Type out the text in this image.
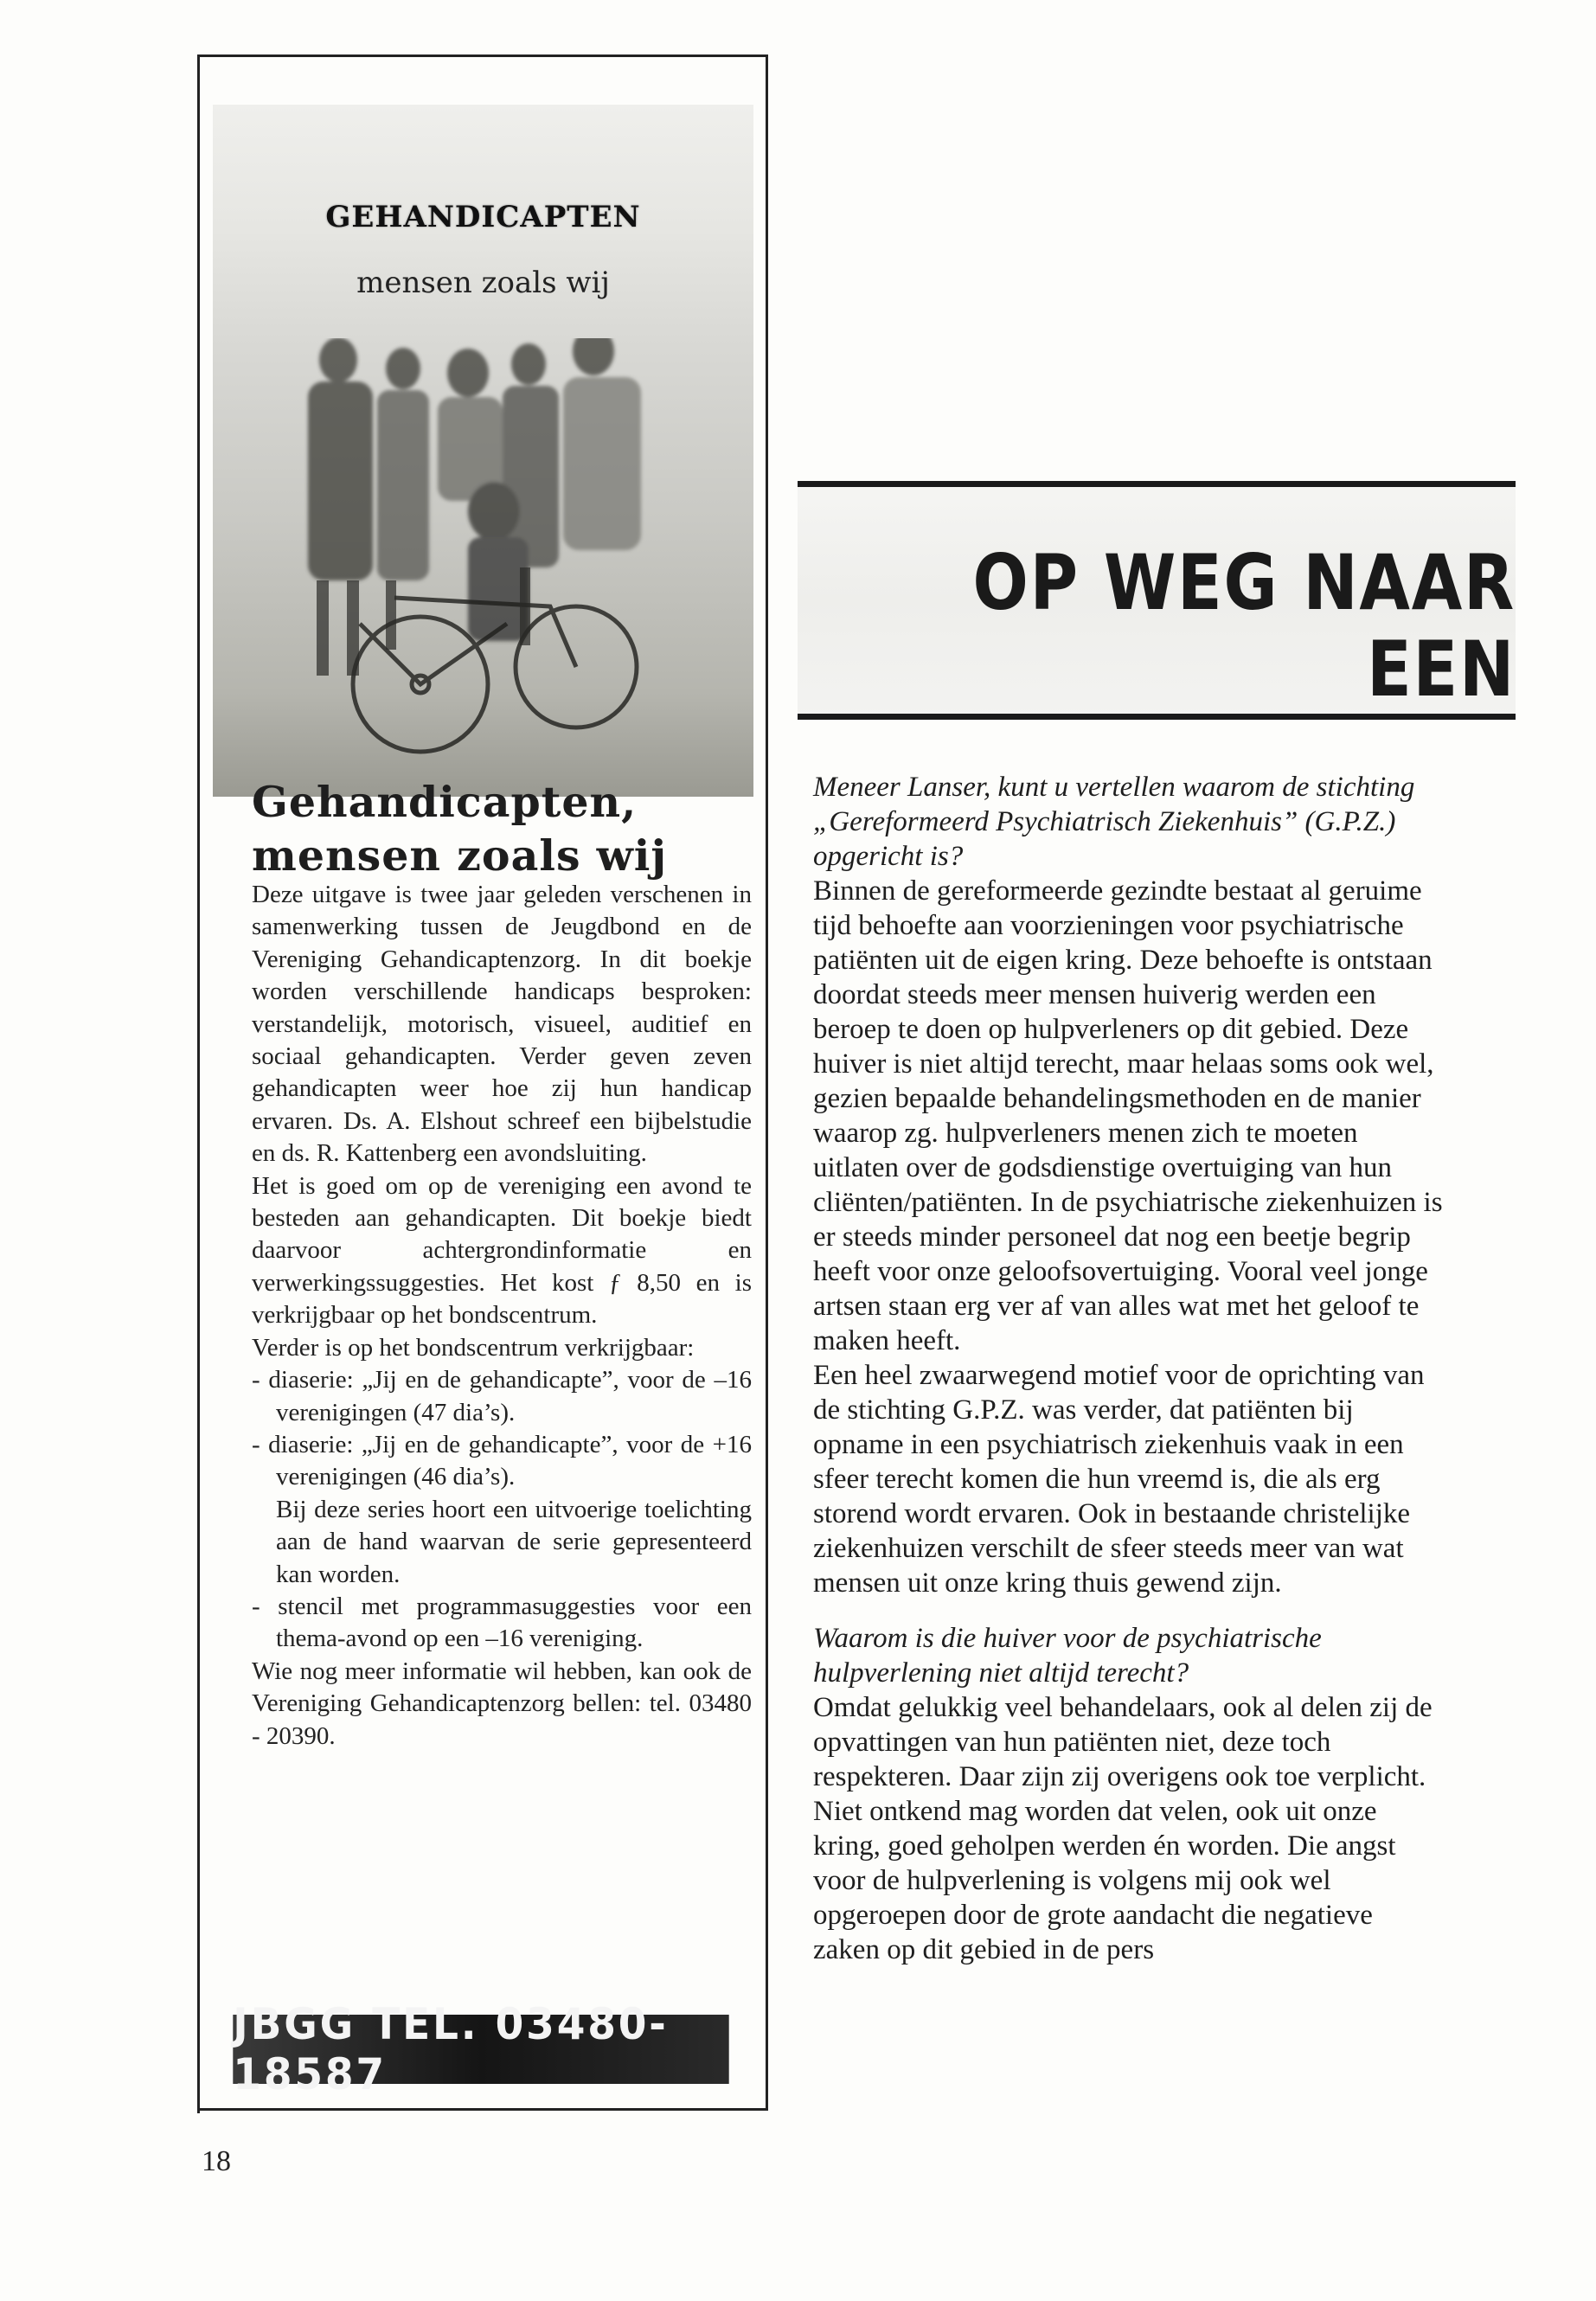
GEHANDICAPTEN
mensen zoals wij
Gehandicapten,
mensen zoals wij

Deze uitgave is twee jaar geleden verschenen in samenwerking tussen de Jeugdbond en de Vereniging Gehandicaptenzorg. In dit boekje worden verschillende handicaps besproken: verstandelijk, motorisch, visueel, auditief en sociaal gehandicapten. Verder geven zeven gehandicapten weer hoe zij hun handicap ervaren. Ds. A. Elshout schreef een bijbelstudie en ds. R. Kattenberg een avondsluiting.

Het is goed om op de vereniging een avond te besteden aan gehandicapten. Dit boekje biedt daarvoor achtergrondinformatie en verwerkingssuggesties. Het kost ƒ 8,50 en is verkrijgbaar op het bondscentrum.

Verder is op het bondscentrum verkrijgbaar:

- diaserie: „Jij en de gehandicapte”, voor de –16 verenigingen (47 dia’s).

- diaserie: „Jij en de gehandicapte”, voor de +16 verenigingen (46 dia’s).

Bij deze series hoort een uitvoerige toelichting aan de hand waarvan de serie gepresenteerd kan worden.

- stencil met programmasuggesties voor een thema-avond op een –16 vereniging.

Wie nog meer informatie wil hebben, kan ook de Vereniging Gehandicaptenzorg bellen: tel. 03480 - 20390.

JBGG TEL. 03480-18587
OP WEG NAAR EEN

Meneer Lanser, kunt u vertellen waarom de stichting „Gereformeerd Psychiatrisch Ziekenhuis” (G.P.Z.) opgericht is?

Binnen de gereformeerde gezindte bestaat al geruime tijd behoefte aan voorzieningen voor psychiatrische patiënten uit de eigen kring. Deze behoefte is ontstaan doordat steeds meer mensen huiverig werden een beroep te doen op hulpverleners op dit gebied. Deze huiver is niet altijd terecht, maar helaas soms ook wel, gezien bepaalde behandelingsmethoden en de manier waarop zg. hulpverleners menen zich te moeten uitlaten over de godsdienstige overtuiging van hun cliënten/patiënten. In de psychiatrische ziekenhuizen is er steeds minder personeel dat nog een beetje begrip heeft voor onze geloofsovertuiging. Vooral veel jonge artsen staan erg ver af van alles wat met het geloof te maken heeft.

Een heel zwaarwegend motief voor de oprichting van de stichting G.P.Z. was verder, dat patiënten bij opname in een psychiatrisch ziekenhuis vaak in een sfeer terecht komen die hun vreemd is, die als erg storend wordt ervaren. Ook in bestaande christelijke ziekenhuizen verschilt de sfeer steeds meer van wat mensen uit onze kring thuis gewend zijn.

Waarom is die huiver voor de psychiatrische hulpverlening niet altijd terecht?

Omdat gelukkig veel behandelaars, ook al delen zij de opvattingen van hun patiënten niet, deze toch respekteren. Daar zijn zij overigens ook toe verplicht. Niet ontkend mag worden dat velen, ook uit onze kring, goed geholpen werden én worden. Die angst voor de hulpverlening is volgens mij ook wel opgeroepen door de grote aandacht die negatieve zaken op dit gebied in de pers

18
